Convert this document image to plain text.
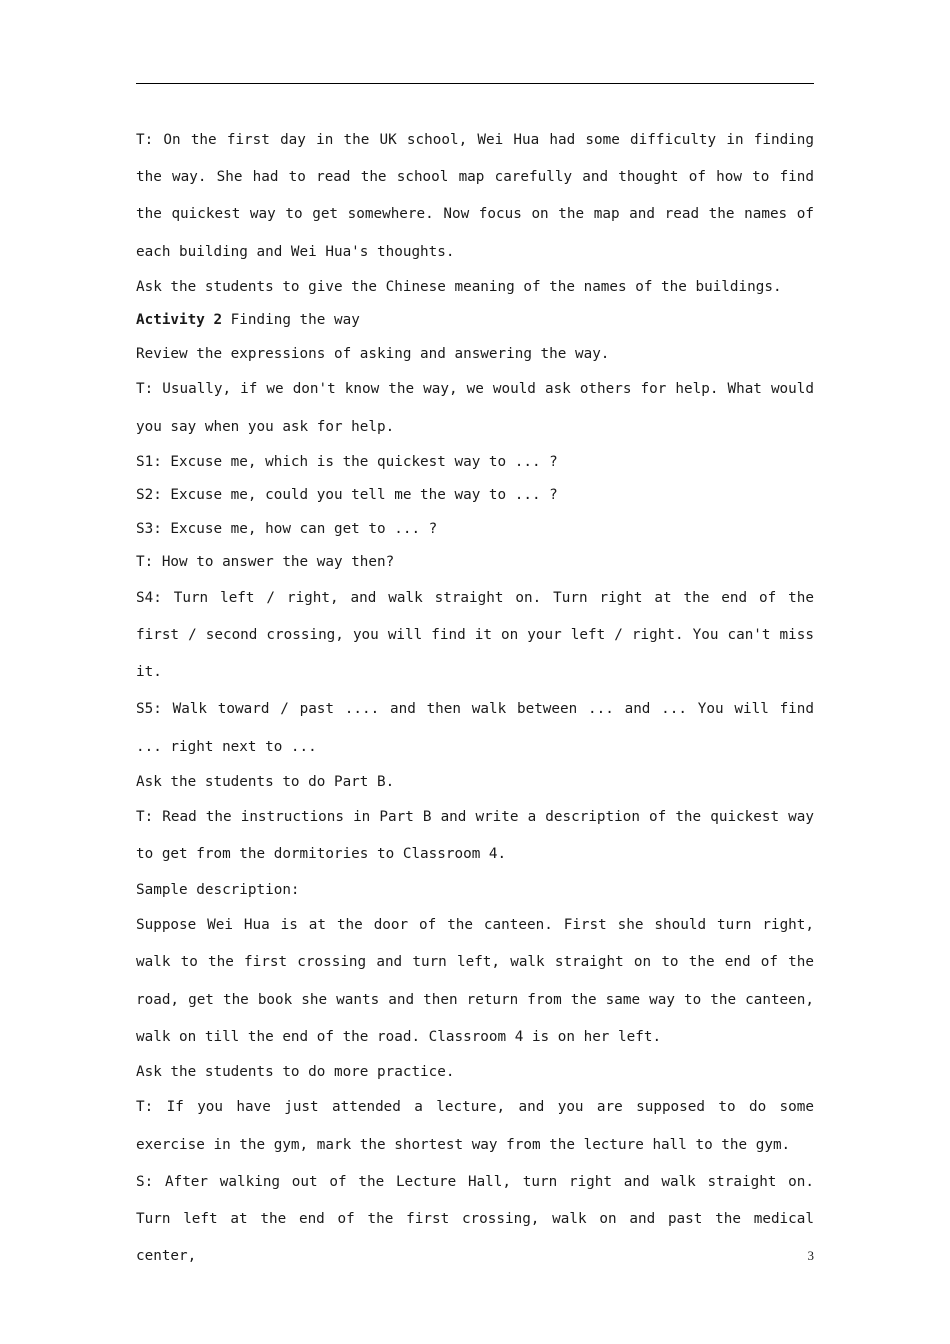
T: On the first day in the UK school, Wei Hua had some difficulty in finding the way. She had to read the school map carefully and thought of how to find the quickest way to get somewhere. Now focus on the map and read the names of each building and Wei Hua's thoughts.

Ask the students to give the Chinese meaning of the names of the buildings.

Activity 2 Finding the way

Review the expressions of asking and answering the way.

T: Usually, if we don't know the way, we would ask others for help. What would you say when you ask for help.

S1: Excuse me, which is the quickest way to ... ?

S2: Excuse me, could you tell me the way to ... ?

S3: Excuse me, how can get to ... ?

T: How to answer the way then?

S4: Turn left / right, and walk straight on. Turn right at the end of the first / second crossing, you will find it on your left / right. You can't miss it.

S5: Walk toward / past .... and then walk between ... and ... You will find ... right next to ...

Ask the students to do Part B.

T: Read the instructions in Part B and write a description of the quickest way to get from the dormitories to Classroom 4.

Sample description:

Suppose Wei Hua is at the door of the canteen. First she should turn right, walk to the first crossing and turn left, walk straight on to the end of the road, get the book she wants and then return from the same way to the canteen, walk on till the end of the road. Classroom 4 is on her left.

Ask the students to do more practice.

T: If you have just attended a lecture, and you are supposed to do some exercise in the gym, mark the shortest way from the lecture hall to the gym.

S: After walking out of the Lecture Hall, turn right and walk straight on. Turn left at the end of the first crossing, walk on and past the medical center,	3
